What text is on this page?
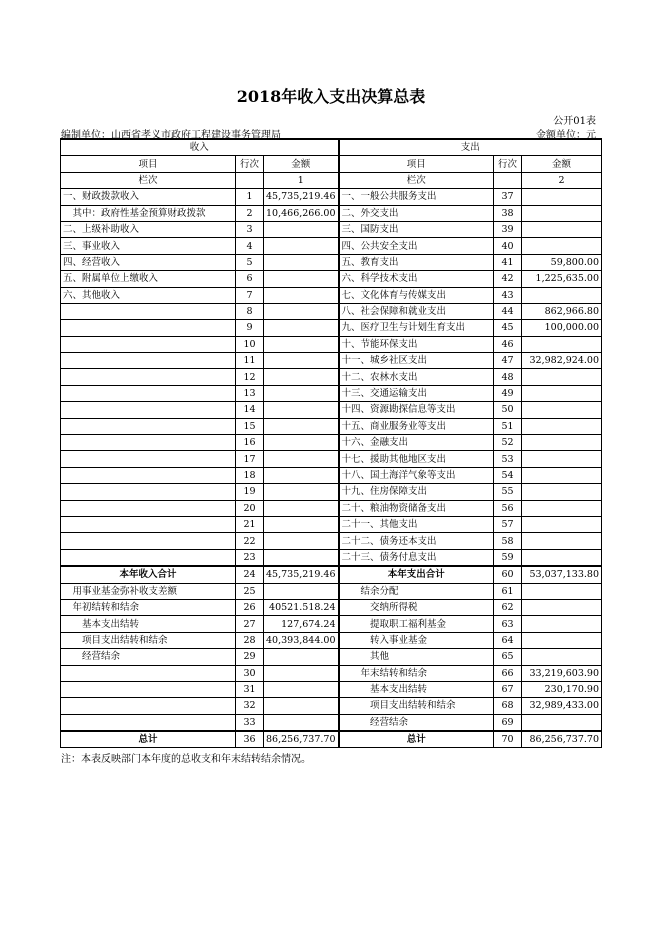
2018年收入支出决算总表
公开01表
编制单位：山西省孝义市政府工程建设事务管理局	金额单位：元
收入			支出		
项目	行次	金额	项目	行次	金额
栏次		1	栏次		2
一、财政拨款收入	1	45,735,219.46	一、一般公共服务支出	37	
　其中：政府性基金预算财政拨款	2	10,466,266.00	二、外交支出	38	
二、上级补助收入	3		三、国防支出	39	
三、事业收入	4		四、公共安全支出	40	
四、经营收入	5		五、教育支出	41	59,800.00
五、附属单位上缴收入	6		六、科学技术支出	42	1,225,635.00
六、其他收入	7		七、文化体育与传媒支出	43	
	8		八、社会保障和就业支出	44	862,966.80
	9		九、医疗卫生与计划生育支出	45	100,000.00
	10		十、节能环保支出	46	
	11		十一、城乡社区支出	47	32,982,924.00
	12		十二、农林水支出	48	
	13		十三、交通运输支出	49	
	14		十四、资源勘探信息等支出	50	
	15		十五、商业服务业等支出	51	
	16		十六、金融支出	52	
	17		十七、援助其他地区支出	53	
	18		十八、国土海洋气象等支出	54	
	19		十九、住房保障支出	55	
	20		二十、粮油物资储备支出	56	
	21		二十一、其他支出	57	
	22		二十二、债务还本支出	58	
	23		二十三、债务付息支出	59	
本年收入合计	24	45,735,219.46	本年支出合计	60	53,037,133.80
　用事业基金弥补收支差额	25		　　结余分配	61	
　年初结转和结余	26	40521.518.24	　　　交纳所得税	62	
　　基本支出结转	27	127,674.24	　　　提取职工福利基金	63	
　　项目支出结转和结余	28	40,393,844.00	　　　转入事业基金	64	
　　经营结余	29		　　　其他	65	
	30		　　年末结转和结余	66	33,219,603.90
	31		　　　基本支出结转	67	230,170.90
	32		　　　项目支出结转和结余	68	32,989,433.00
	33		　　　经营结余	69	
总计	36	86,256,737.70	总计	70	86,256,737.70
注：本表反映部门本年度的总收支和年末结转结余情况。
